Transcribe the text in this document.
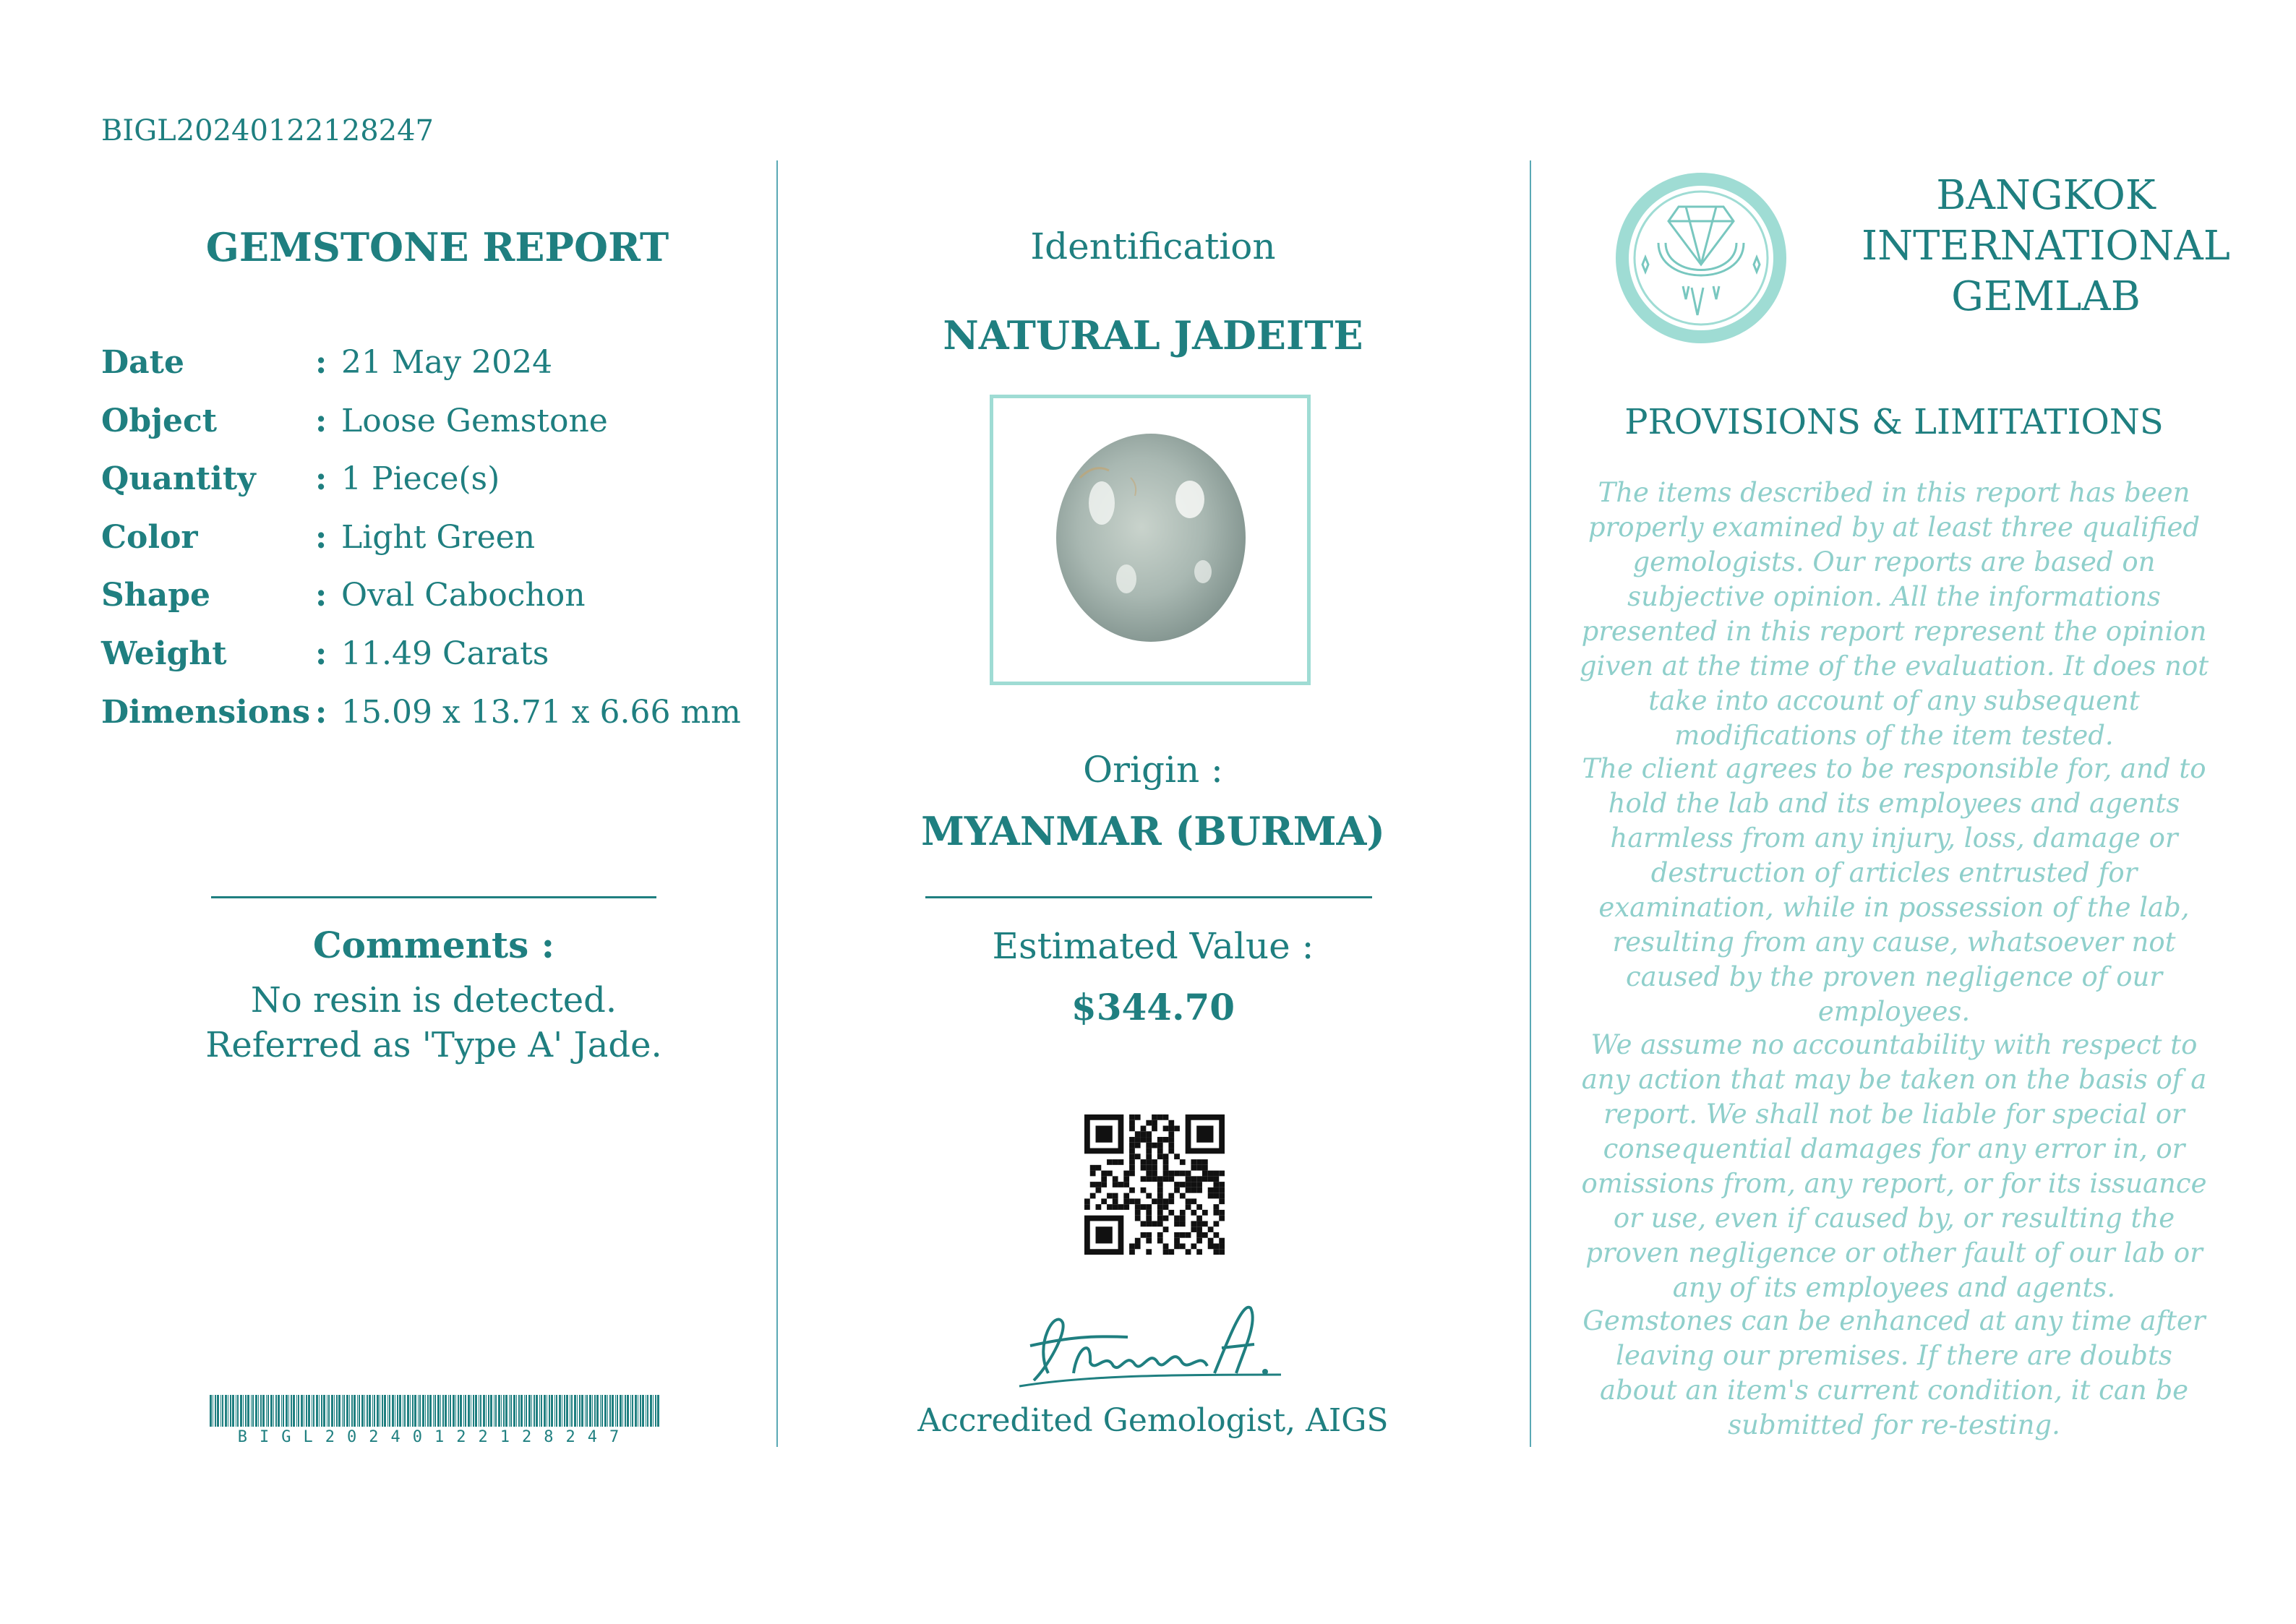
BIGL20240122128247
GEMSTONE REPORT
Date	: 21 May 2024
Object	: Loose Gemstone
Quantity	: 1 Piece(s)
Color	: Light Green
Shape	: Oval Cabochon
Weight	: 11.49 Carats
Dimensions : 15.09 x 13.71 x 6.66 mm
Comments :
No resin is detected.
Referred as 'Type A' Jade.
BIGL20240122128247
Identification
NATURAL JADEITE
Origin :
MYANMAR (BURMA)
Estimated Value :
$344.70
Accredited Gemologist, AIGS
BANGKOK
INTERNATIONAL
GEMLAB
PROVISIONS & LIMITATIONS
The items described in this report has been properly examined by at least three qualified gemologists. Our reports are based on subjective opinion. All the informations presented in this report represent the opinion given at the time of the evaluation. It does not take into account of any subsequent modifications of the item tested.
The client agrees to be responsible for, and to hold the lab and its employees and agents harmless from any injury, loss, damage or destruction of articles entrusted for examination, while in possession of the lab, resulting from any cause, whatsoever not caused by the proven negligence of our employees.
We assume no accountability with respect to any action that may be taken on the basis of a report. We shall not be liable for special or consequential damages for any error in, or omissions from, any report, or for its issuance or use, even if caused by, or resulting the proven negligence or other fault of our lab or any of its employees and agents.
Gemstones can be enhanced at any time after leaving our premises. If there are doubts about an item's current condition, it can be submitted for re-testing.
